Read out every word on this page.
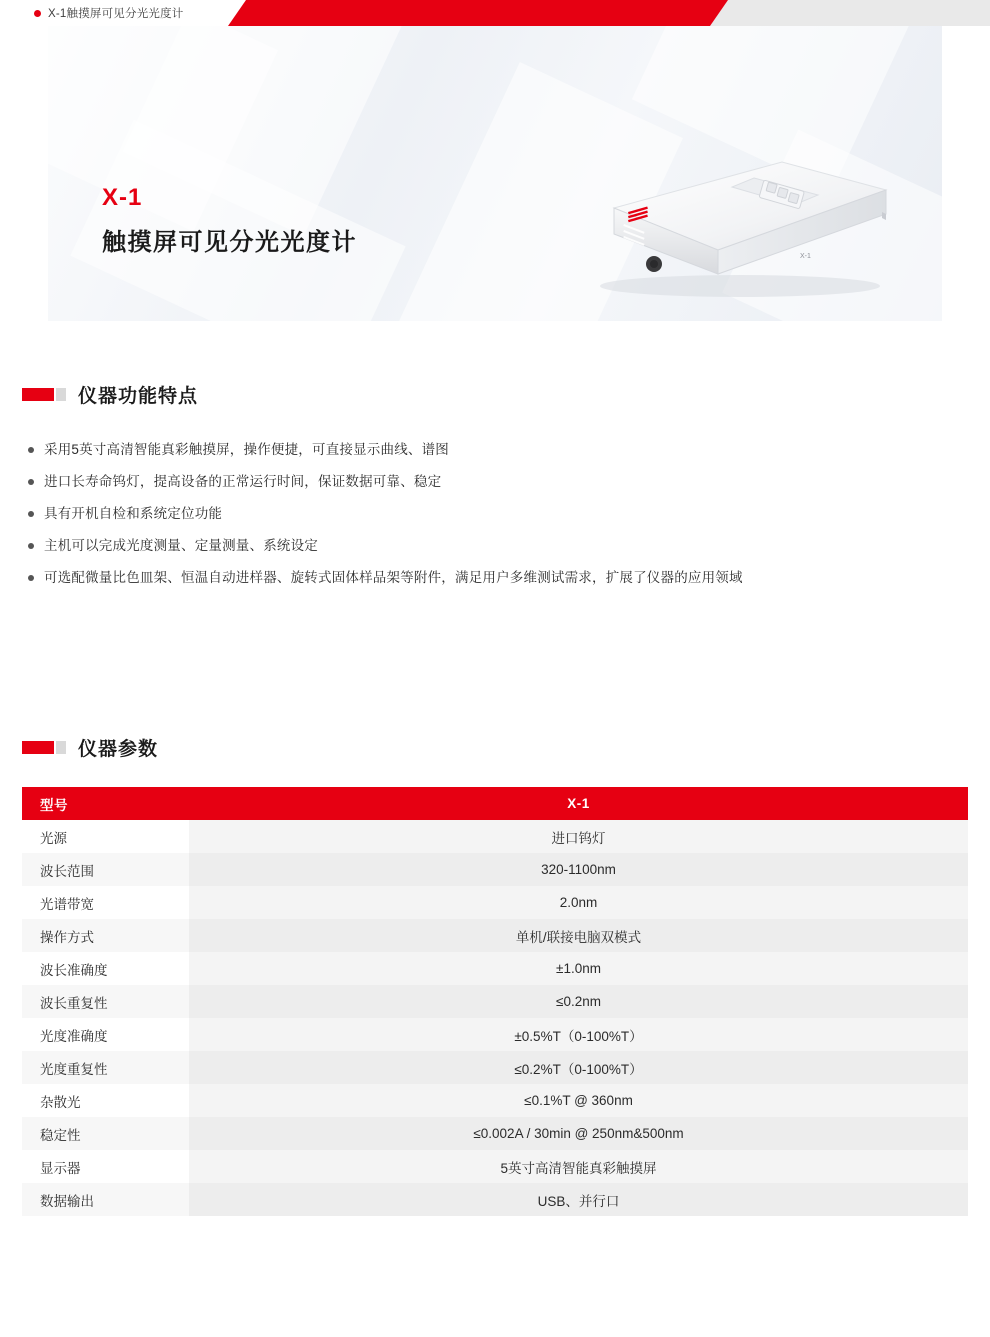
X-1触摸屏可见分光光度计
X-1
触摸屏可见分光光度计
X-1
仪器功能特点
采用5英寸高清智能真彩触摸屏，操作便捷，可直接显示曲线、谱图
进口长寿命钨灯，提高设备的正常运行时间，保证数据可靠、稳定
具有开机自检和系统定位功能
主机可以完成光度测量、定量测量、系统设定
可选配微量比色皿架、恒温自动进样器、旋转式固体样品架等附件，满足用户多维测试需求，扩展了仪器的应用领域
仪器参数
型号	X-1
光源	进口钨灯
波长范围	320-1100nm
光谱带宽	2.0nm
操作方式	单机/联接电脑双模式
波长准确度	±1.0nm
波长重复性	≤0.2nm
光度准确度	±0.5%T（0-100%T）
光度重复性	≤0.2%T（0-100%T）
杂散光	≤0.1%T @ 360nm
稳定性	≤0.002A / 30min @ 250nm&500nm
显示器	5英寸高清智能真彩触摸屏
数据输出	USB、并行口
